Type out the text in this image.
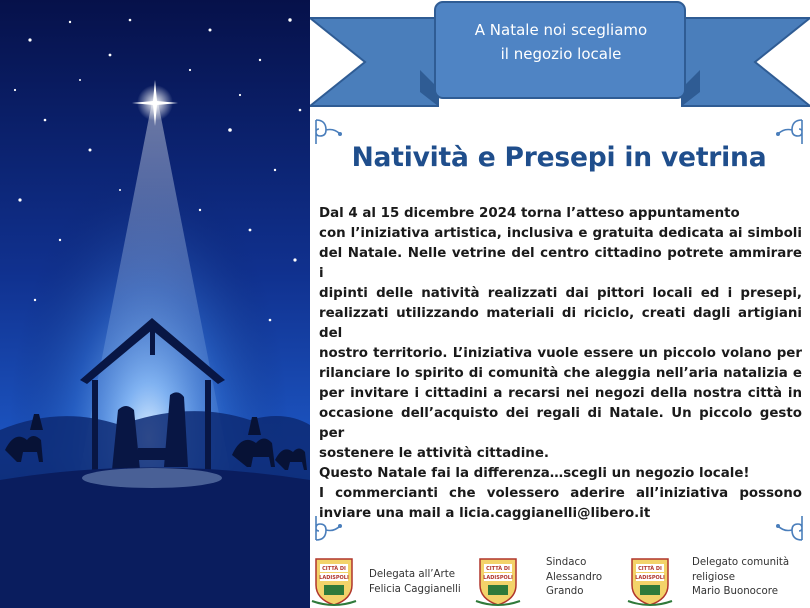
A Natale noi scegliamo
il negozio locale
Natività e Presepi in vetrina
Dal 4 al 15 dicembre 2024 torna l’atteso appuntamento
con l’iniziativa artistica, inclusiva e gratuita dedicata ai simboli
del Natale. Nelle vetrine del centro cittadino potrete ammirare i
dipinti delle natività realizzati dai pittori locali ed i presepi,
realizzati utilizzando materiali di riciclo, creati dagli artigiani del
nostro territorio. L’iniziativa vuole essere un piccolo volano per
rilanciare lo spirito di comunità che aleggia nell’aria natalizia e
per invitare i cittadini a recarsi nei negozi della nostra città in
occasione dell’acquisto dei regali di Natale. Un piccolo gesto per
sostenere le attività cittadine.
Questo Natale fai la differenza…scegli un negozio locale!
I commercianti che volessero aderire all’iniziativa possono
inviare una mail a licia.caggianelli@libero.it
CITTÀ DI
LADISPOLI Delegata all’Arte
Felicia Caggianelli
CITTÀ DI
LADISPOLI
Sindaco
Alessandro
Grando
CITTÀ DI
LADISPOLI
Delegato comunità
religiose
Mario Buonocore
